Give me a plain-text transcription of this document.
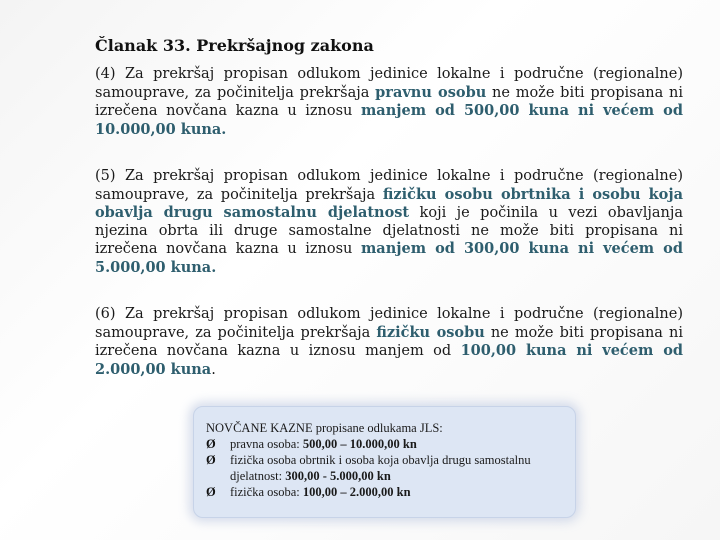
Članak 33. Prekršajnog zakona
(4) Za prekršaj propisan odlukom jedinice lokalne i područne (regionalne) samouprave, za počinitelja prekršaja pravnu osobu ne može biti propisana ni izrečena novčana kazna u iznosu manjem od 500,00 kuna ni većem od 10.000,00 kuna.
(5) Za prekršaj propisan odlukom jedinice lokalne i područne (regionalne) samouprave, za počinitelja prekršaja fizičku osobu obrtnika i osobu koja obavlja drugu samostalnu djelatnost koji je počinila u vezi obavljanja njezina obrta ili druge samostalne djelatnosti ne može biti propisana ni izrečena novčana kazna u iznosu manjem od 300,00 kuna ni većem od 5.000,00 kuna.
(6) Za prekršaj propisan odlukom jedinice lokalne i područne (regionalne) samouprave, za počinitelja prekršaja fizičku osobu ne može biti propisana ni izrečena novčana kazna u iznosu manjem od 100,00 kuna ni većem od 2.000,00 kuna.
NOVČANE KAZNE propisane odlukama JLS:
Ø	pravna osoba: 500,00 – 10.000,00 kn
Ø	fizička osoba obrtnik i osoba koja obavlja drugu samostalnu djelatnost: 300,00 - 5.000,00 kn
Ø	fizička osoba: 100,00 – 2.000,00 kn
